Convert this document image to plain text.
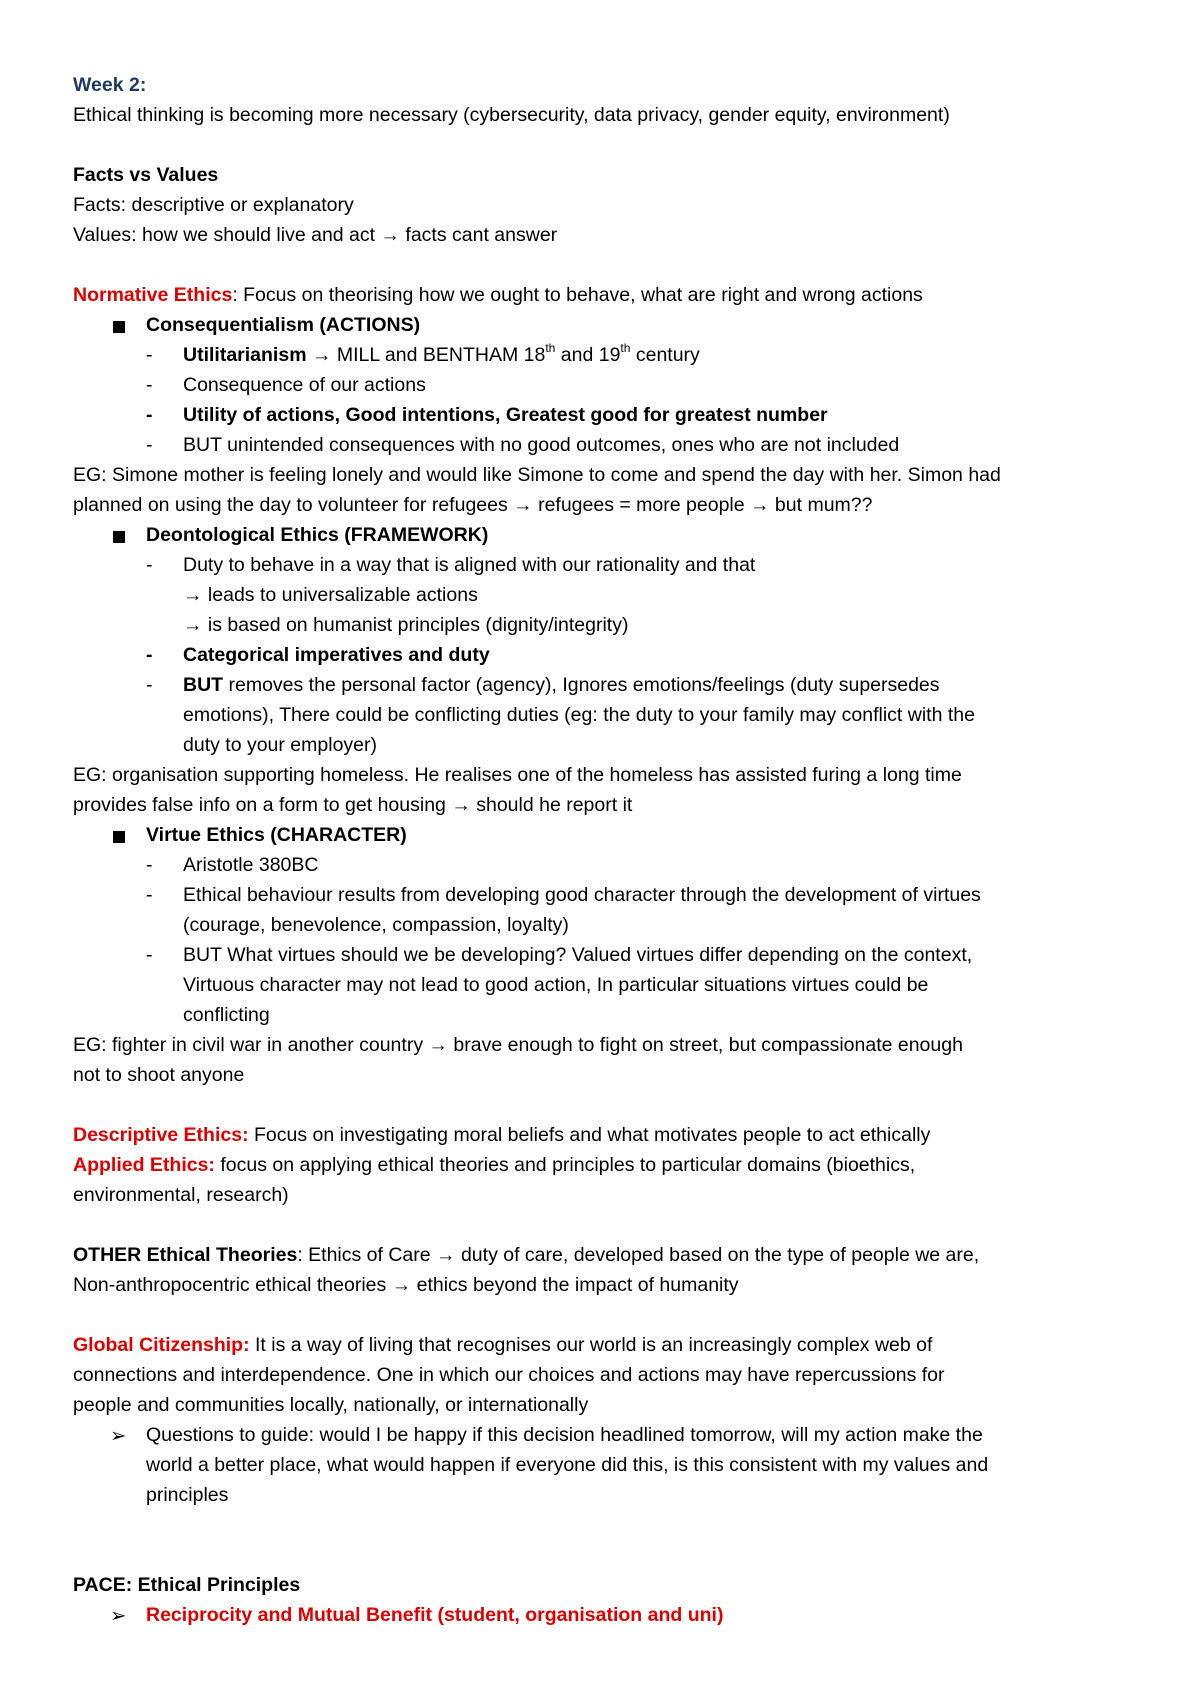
Week 2:

Ethical thinking is becoming more necessary (cybersecurity, data privacy, gender equity, environment)

Facts vs Values

Facts: descriptive or explanatory

Values: how we should live and act → facts cant answer

Normative Ethics: Focus on theorising how we ought to behave, what are right and wrong actions

Consequentialism (ACTIONS)

- Utilitarianism → MILL and BENTHAM 18th and 19th century

- Consequence of our actions

- Utility of actions, Good intentions, Greatest good for greatest number

- BUT unintended consequences with no good outcomes, ones who are not included

EG: Simone mother is feeling lonely and would like Simone to come and spend the day with her. Simon had

planned on using the day to volunteer for refugees → refugees = more people → but mum??

Deontological Ethics (FRAMEWORK)

- Duty to behave in a way that is aligned with our rationality and that

→ leads to universalizable actions

→ is based on humanist principles (dignity/integrity)

- Categorical imperatives and duty

- BUT removes the personal factor (agency), Ignores emotions/feelings (duty supersedes

emotions), There could be conflicting duties (eg: the duty to your family may conflict with the

duty to your employer)

EG: organisation supporting homeless. He realises one of the homeless has assisted furing a long time

provides false info on a form to get housing → should he report it

Virtue Ethics (CHARACTER)

- Aristotle 380BC

- Ethical behaviour results from developing good character through the development of virtues

(courage, benevolence, compassion, loyalty)

- BUT What virtues should we be developing? Valued virtues differ depending on the context,

Virtuous character may not lead to good action, In particular situations virtues could be

conflicting

EG: fighter in civil war in another country → brave enough to fight on street, but compassionate enough

not to shoot anyone

Descriptive Ethics: Focus on investigating moral beliefs and what motivates people to act ethically

Applied Ethics: focus on applying ethical theories and principles to particular domains (bioethics,

environmental, research)

OTHER Ethical Theories: Ethics of Care → duty of care, developed based on the type of people we are,

Non-anthropocentric ethical theories → ethics beyond the impact of humanity

Global Citizenship: It is a way of living that recognises our world is an increasingly complex web of

connections and interdependence. One in which our choices and actions may have repercussions for

people and communities locally, nationally, or internationally

➢ Questions to guide: would I be happy if this decision headlined tomorrow, will my action make the

world a better place, what would happen if everyone did this, is this consistent with my values and

principles

PACE: Ethical Principles

➢ Reciprocity and Mutual Benefit (student, organisation and uni)
